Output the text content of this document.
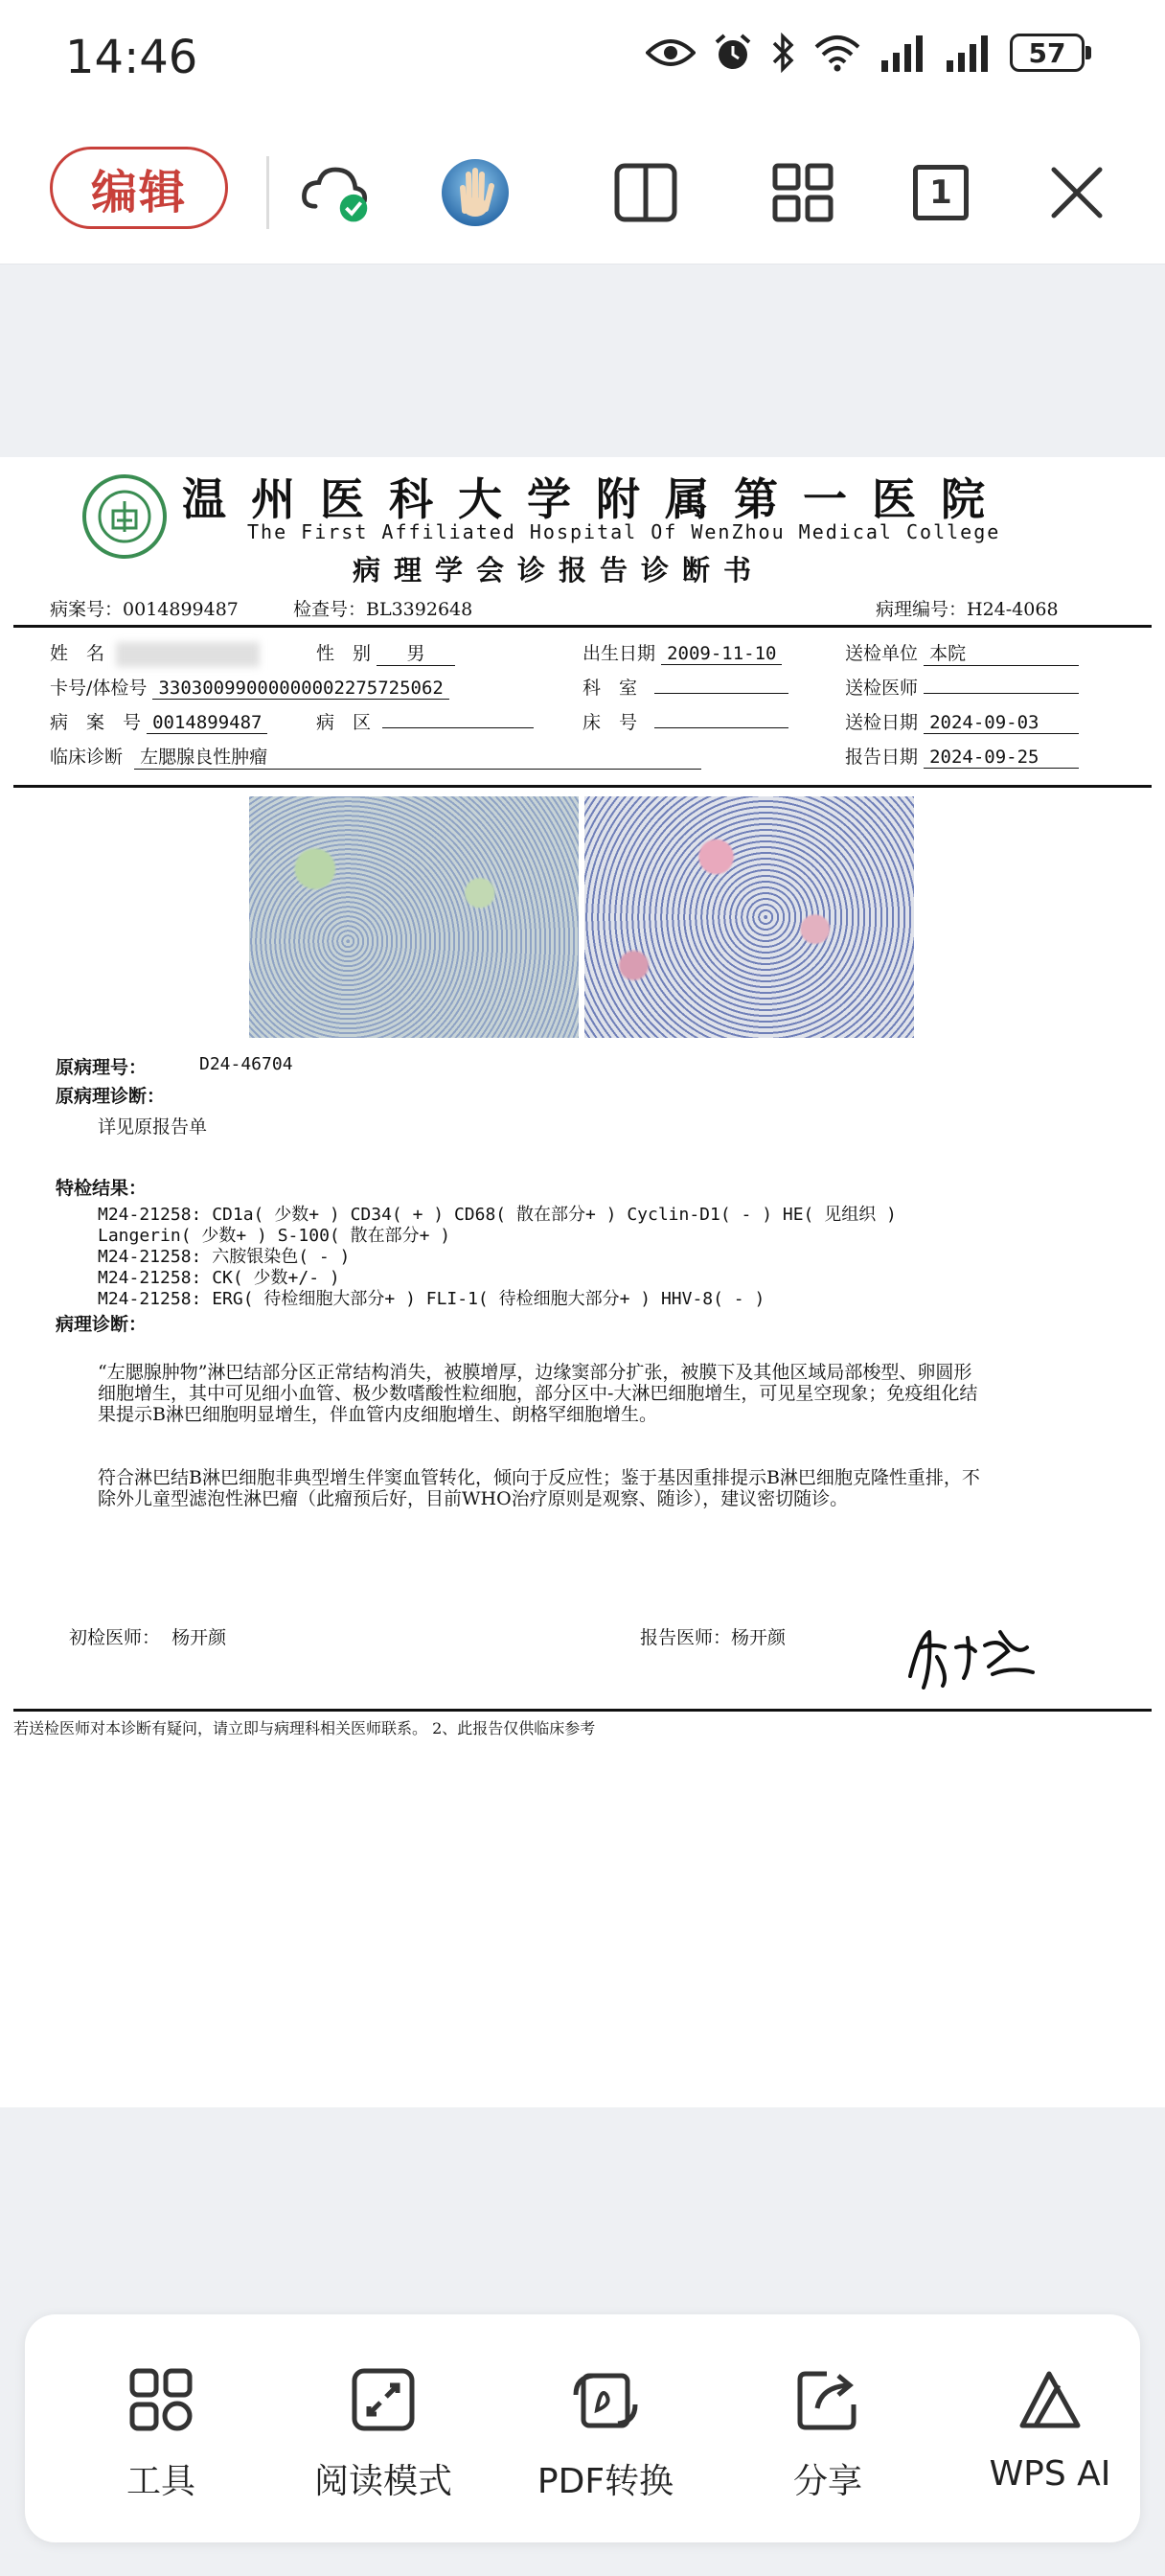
14:46	57
编辑	1
温州医科大学附属第一医院
The First Affiliated Hospital Of WenZhou Medical College
病理学会诊报告诊断书
病案号：0014899487	检查号：BL3392648	病理编号：H24-4068
姓　名	性　别 男	出生日期 2009-11-10	送检单位 本院
卡号/体检号 33030099000000002275725062	科　室	送检医师
病　案　号 0014899487	病　区	床　号	送检日期 2024-09-03
临床诊断 左腮腺良性肿瘤	报告日期 2024-09-25
原病理号：	D24-46704
原病理诊断：
详见原报告单
特检结果：
M24-21258: CD1a( 少数+ ) CD34( + ) CD68( 散在部分+ ) Cyclin-D1( - ) HE( 见组织 )
Langerin( 少数+ ) S-100( 散在部分+ )
M24-21258: 六胺银染色( - )
M24-21258: CK( 少数+/- )
M24-21258: ERG( 待检细胞大部分+ ) FLI-1( 待检细胞大部分+ ) HHV-8( - )
病理诊断：
“左腮腺肿物”淋巴结部分区正常结构消失，被膜增厚，边缘窦部分扩张，被膜下及其他区域局部梭型、卵圆形细胞增生，其中可见细小血管、极少数嗜酸性粒细胞，部分区中-大淋巴细胞增生，可见星空现象；免疫组化结果提示B淋巴细胞明显增生，伴血管内皮细胞增生、朗格罕细胞增生。
符合淋巴结B淋巴细胞非典型增生伴窦血管转化，倾向于反应性；鉴于基因重排提示B淋巴细胞克隆性重排，不除外儿童型滤泡性淋巴瘤（此瘤预后好，目前WHO治疗原则是观察、随诊），建议密切随诊。
初检医师： 杨开颜	报告医师：杨开颜
若送检医师对本诊断有疑问，请立即与病理科相关医师联系。 2、此报告仅供临床参考
工具	阅读模式	PDF转换	分享	WPS AI
